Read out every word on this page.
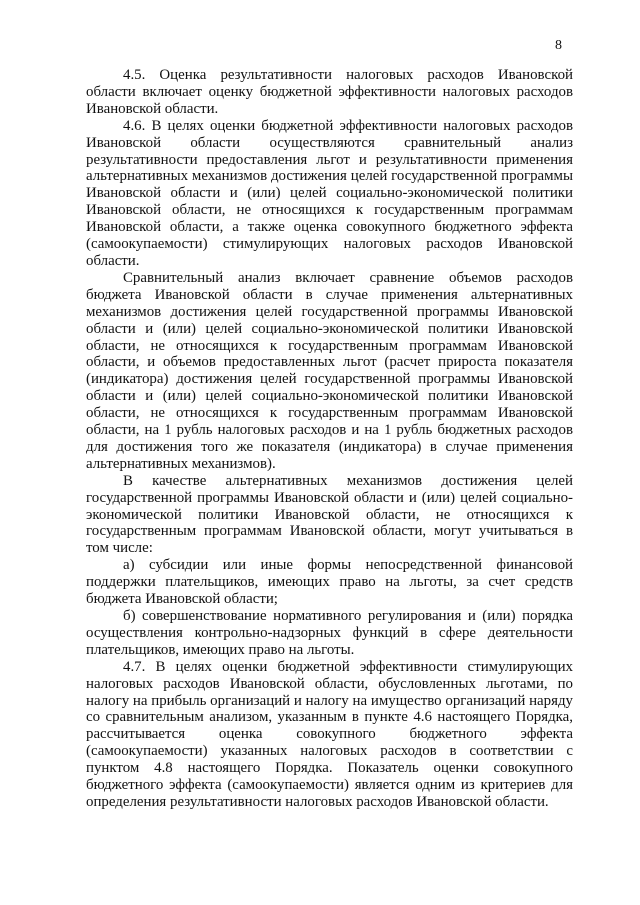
8

4.5. Оценка результативности налоговых расходов Ивановской области включает оценку бюджетной эффективности налоговых расходов Ивановской области.

4.6. В целях оценки бюджетной эффективности налоговых расходов Ивановской области осуществляются сравнительный анализ результативности предоставления льгот и результативности применения альтернативных механизмов достижения целей государственной программы Ивановской области и (или) целей социально-экономической политики Ивановской области, не относящихся к государственным программам Ивановской области, а также оценка совокупного бюджетного эффекта (самоокупаемости) стимулирующих налоговых расходов Ивановской области.

Сравнительный анализ включает сравнение объемов расходов бюджета Ивановской области в случае применения альтернативных механизмов достижения целей государственной программы Ивановской области и (или) целей социально-экономической политики Ивановской области, не относящихся к государственным программам Ивановской области, и объемов предоставленных льгот (расчет прироста показателя (индикатора) достижения целей государственной программы Ивановской области и (или) целей социально-экономической политики Ивановской области, не относящихся к государственным программам Ивановской области, на 1 рубль налоговых расходов и на 1 рубль бюджетных расходов для достижения того же показателя (индикатора) в случае применения альтернативных механизмов).

В качестве альтернативных механизмов достижения целей государственной программы Ивановской области и (или) целей социально-экономической политики Ивановской области, не относящихся к государственным программам Ивановской области, могут учитываться в том числе:

а) субсидии или иные формы непосредственной финансовой поддержки плательщиков, имеющих право на льготы, за счет средств бюджета Ивановской области;

б) совершенствование нормативного регулирования и (или) порядка осуществления контрольно-надзорных функций в сфере деятельности плательщиков, имеющих право на льготы.

4.7. В целях оценки бюджетной эффективности стимулирующих налоговых расходов Ивановской области, обусловленных льготами, по налогу на прибыль организаций и налогу на имущество организаций наряду со сравнительным анализом, указанным в пункте 4.6 настоящего Порядка, рассчитывается оценка совокупного бюджетного эффекта (самоокупаемости) указанных налоговых расходов в соответствии с пунктом 4.8 настоящего Порядка. Показатель оценки совокупного бюджетного эффекта (самоокупаемости) является одним из критериев для определения результативности налоговых расходов Ивановской области.
